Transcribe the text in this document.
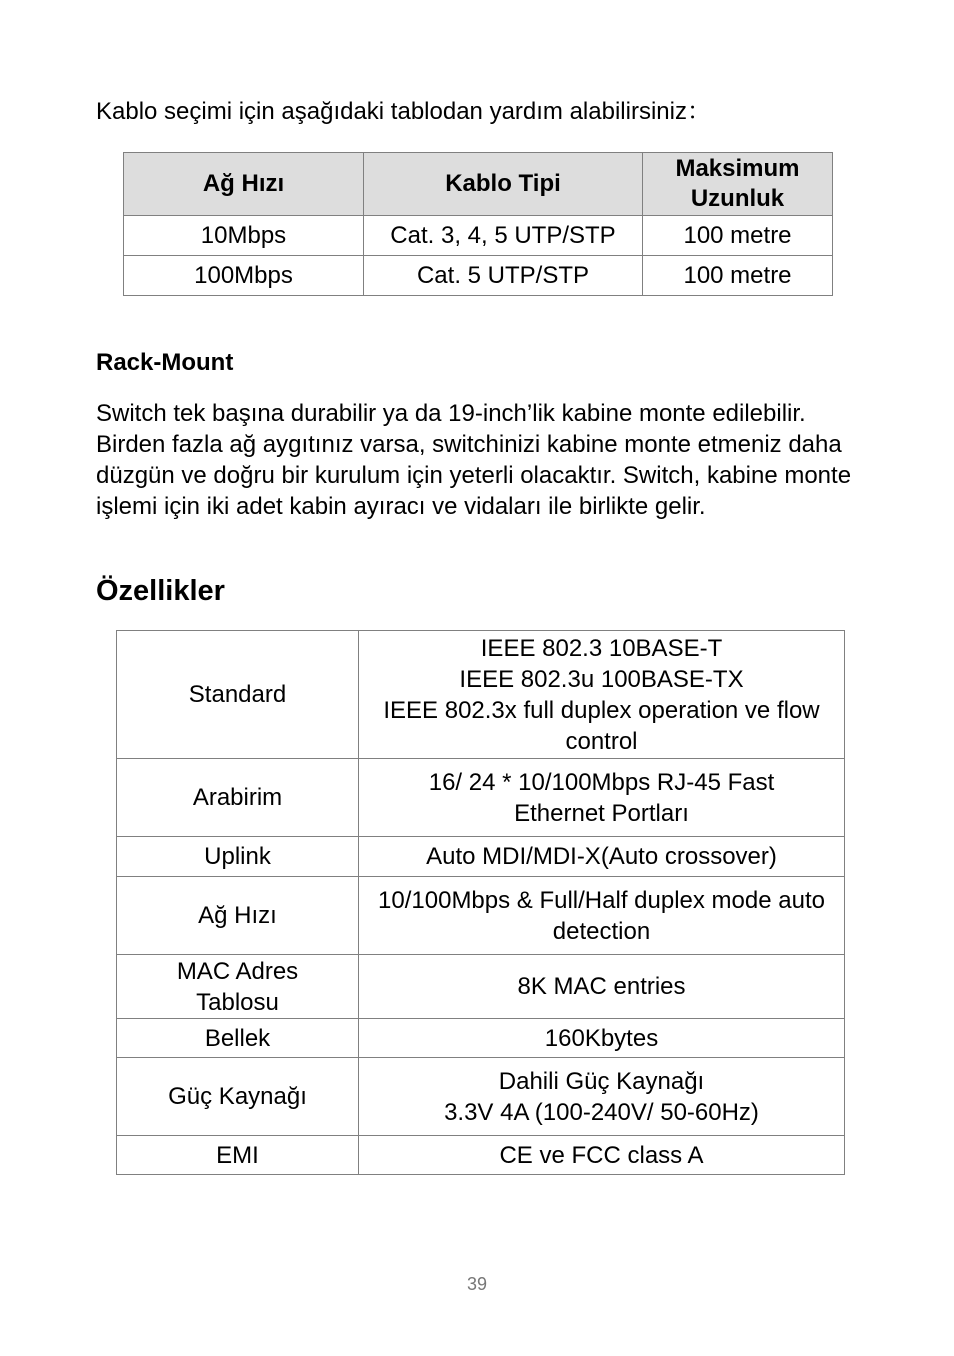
Kablo seçimi için aşağıdaki tablodan yardım alabilirsiniz：

Ağ Hızı	Kablo Tipi	Maksimum Uzunluk
10Mbps	Cat. 3, 4, 5 UTP/STP	100 metre
100Mbps	Cat. 5 UTP/STP	100 metre
Rack-Mount

Switch tek başına durabilir ya da 19-inch’lik kabine monte edilebilir. Birden fazla ağ aygıtınız varsa, switchinizi kabine monte etmeniz daha düzgün ve doğru bir kurulum için yeterli olacaktır. Switch, kabine monte işlemi için iki adet kabin ayıracı ve vidaları ile birlikte gelir.

Özellikler
Standard	IEEE 802.3 10BASE-T
IEEE 802.3u 100BASE-TX
IEEE 802.3x full duplex operation ve flow control

Arabirim	16/ 24 * 10/100Mbps RJ-45 Fast Ethernet Portları

Uplink	Auto MDI/MDI-X(Auto crossover)

Ağ Hızı	10/100Mbps & Full/Half duplex mode auto detection

MAC Adres Tablosu	8K MAC entries

Bellek	160Kbytes

Güç Kaynağı	Dahili Güç Kaynağı
3.3V 4A (100-240V/ 50-60Hz)

EMI	CE ve FCC class A

39
